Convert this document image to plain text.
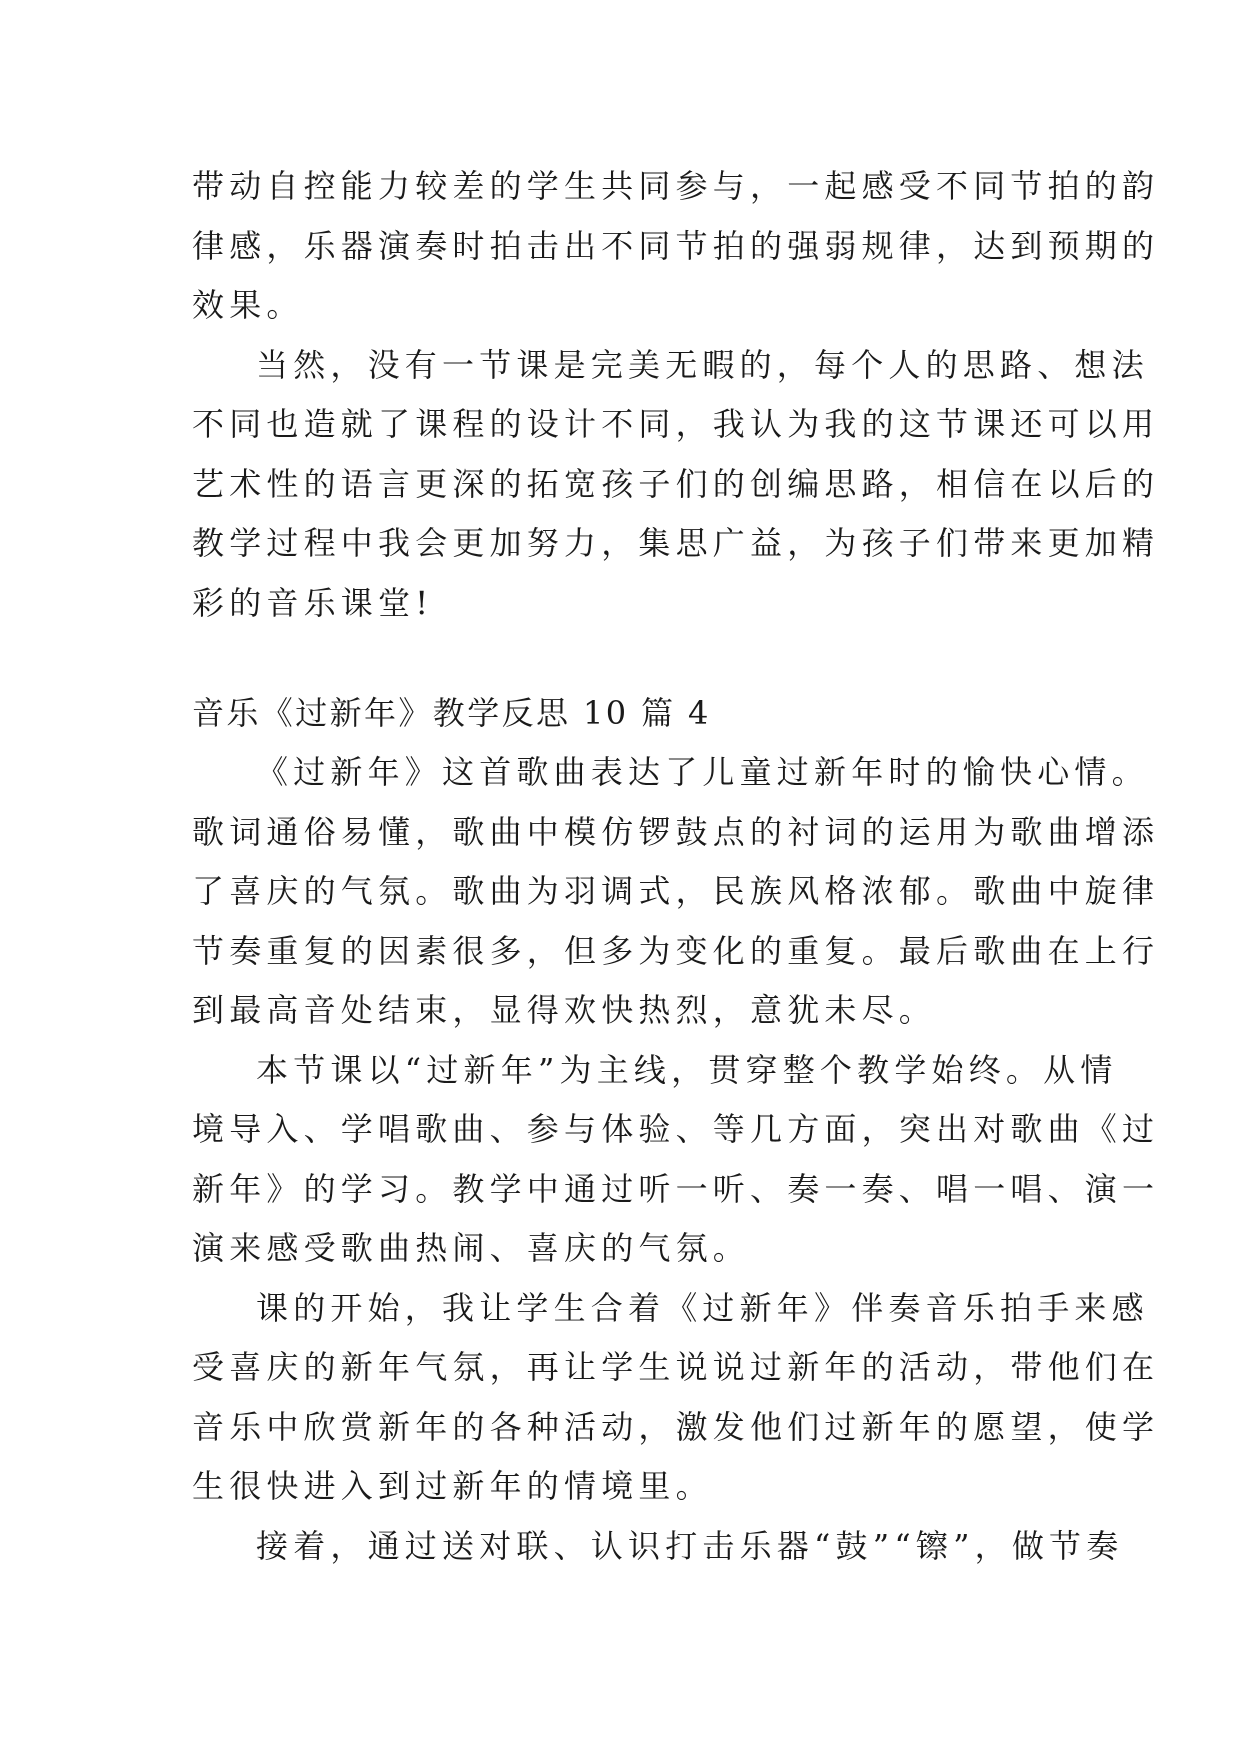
带动自控能力较差的学生共同参与，一起感受不同节拍的韵
律感，乐器演奏时拍击出不同节拍的强弱规律，达到预期的
效果。
当然，没有一节课是完美无暇的，每个人的思路、想法
不同也造就了课程的设计不同，我认为我的这节课还可以用
艺术性的语言更深的拓宽孩子们的创编思路，相信在以后的
教学过程中我会更加努力，集思广益，为孩子们带来更加精
彩的音乐课堂!
音乐《过新年》教学反思 10 篇 4
《过新年》这首歌曲表达了儿童过新年时的愉快心情。
歌词通俗易懂，歌曲中模仿锣鼓点的衬词的运用为歌曲增添
了喜庆的气氛。歌曲为羽调式，民族风格浓郁。歌曲中旋律
节奏重复的因素很多，但多为变化的重复。最后歌曲在上行
到最高音处结束，显得欢快热烈，意犹未尽。
本节课以“过新年”为主线，贯穿整个教学始终。从情
境导入、学唱歌曲、参与体验、等几方面，突出对歌曲《过
新年》的学习。教学中通过听一听、奏一奏、唱一唱、演一
演来感受歌曲热闹、喜庆的气氛。
课的开始，我让学生合着《过新年》伴奏音乐拍手来感
受喜庆的新年气氛，再让学生说说过新年的活动，带他们在
音乐中欣赏新年的各种活动，激发他们过新年的愿望，使学
生很快进入到过新年的情境里。
接着，通过送对联、认识打击乐器“鼓”“镲”，做节奏
